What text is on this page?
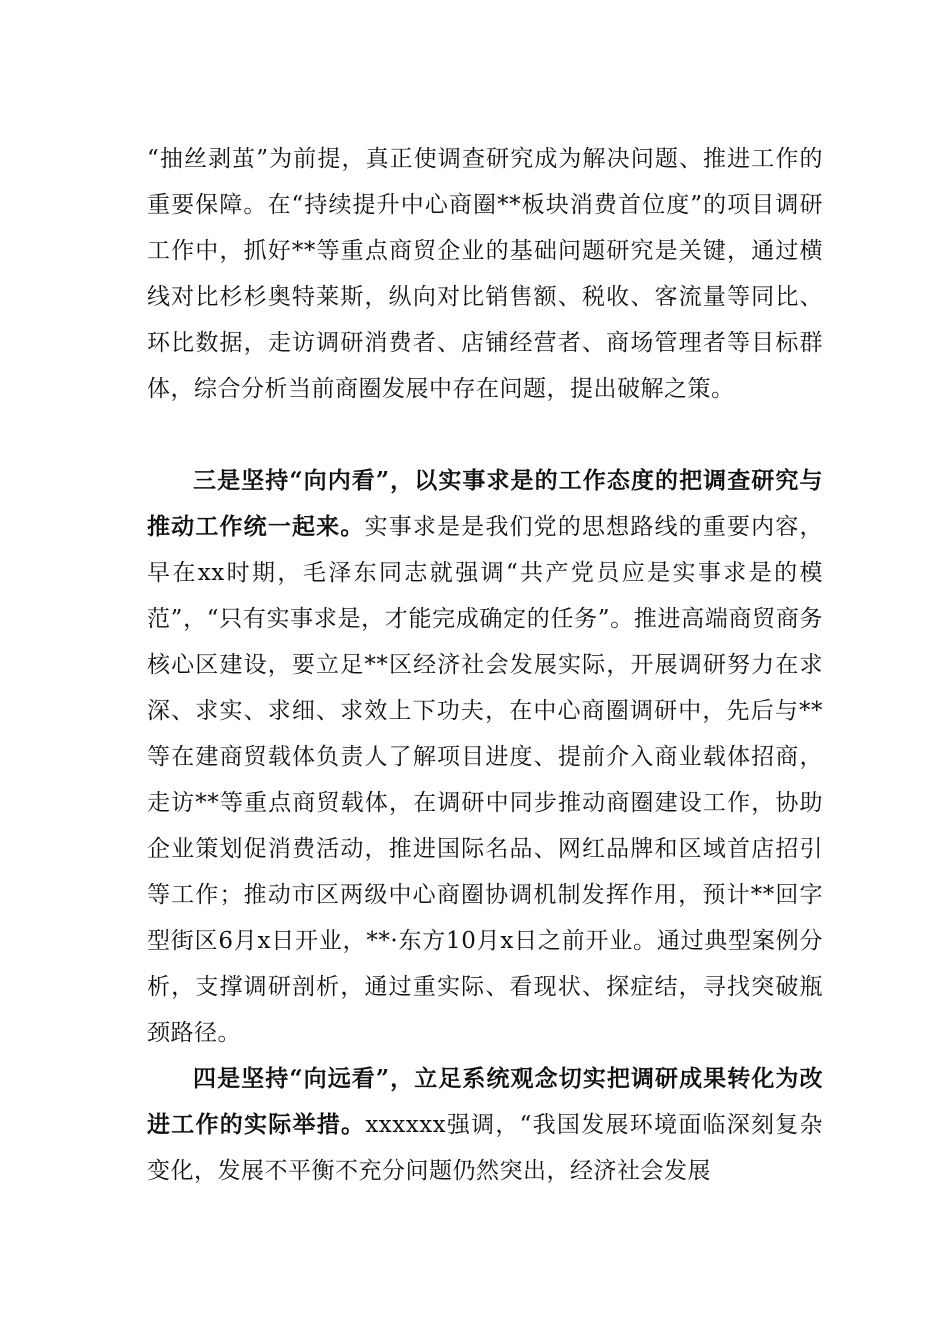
“抽丝剥茧”为前提，真正使调查研究成为解决问题、推进工作的重要保障。在“持续提升中心商圈**板块消费首位度”的项目调研工作中，抓好**等重点商贸企业的基础问题研究是关键，通过横线对比杉杉奥特莱斯，纵向对比销售额、税收、客流量等同比、环比数据，走访调研消费者、店铺经营者、商场管理者等目标群体，综合分析当前商圈发展中存在问题，提出破解之策。

三是坚持“向内看”，以实事求是的工作态度的把调查研究与推动工作统一起来。实事求是是我们党的思想路线的重要内容，早在xx时期，毛泽东同志就强调“共产党员应是实事求是的模范”，“只有实事求是，才能完成确定的任务”。推进高端商贸商务核心区建设，要立足**区经济社会发展实际，开展调研努力在求深、求实、求细、求效上下功夫，在中心商圈调研中，先后与**等在建商贸载体负责人了解项目进度、提前介入商业载体招商，走访**等重点商贸载体，在调研中同步推动商圈建设工作，协助企业策划促消费活动，推进国际名品、网红品牌和区域首店招引等工作；推动市区两级中心商圈协调机制发挥作用，预计**回字型街区6月x日开业，**·东方10月x日之前开业。通过典型案例分析，支撑调研剖析，通过重实际、看现状、探症结，寻找突破瓶颈路径。

四是坚持“向远看”，立足系统观念切实把调研成果转化为改进工作的实际举措。xxxxxx强调，“我国发展环境面临深刻复杂变化，发展不平衡不充分问题仍然突出，经济社会发展
